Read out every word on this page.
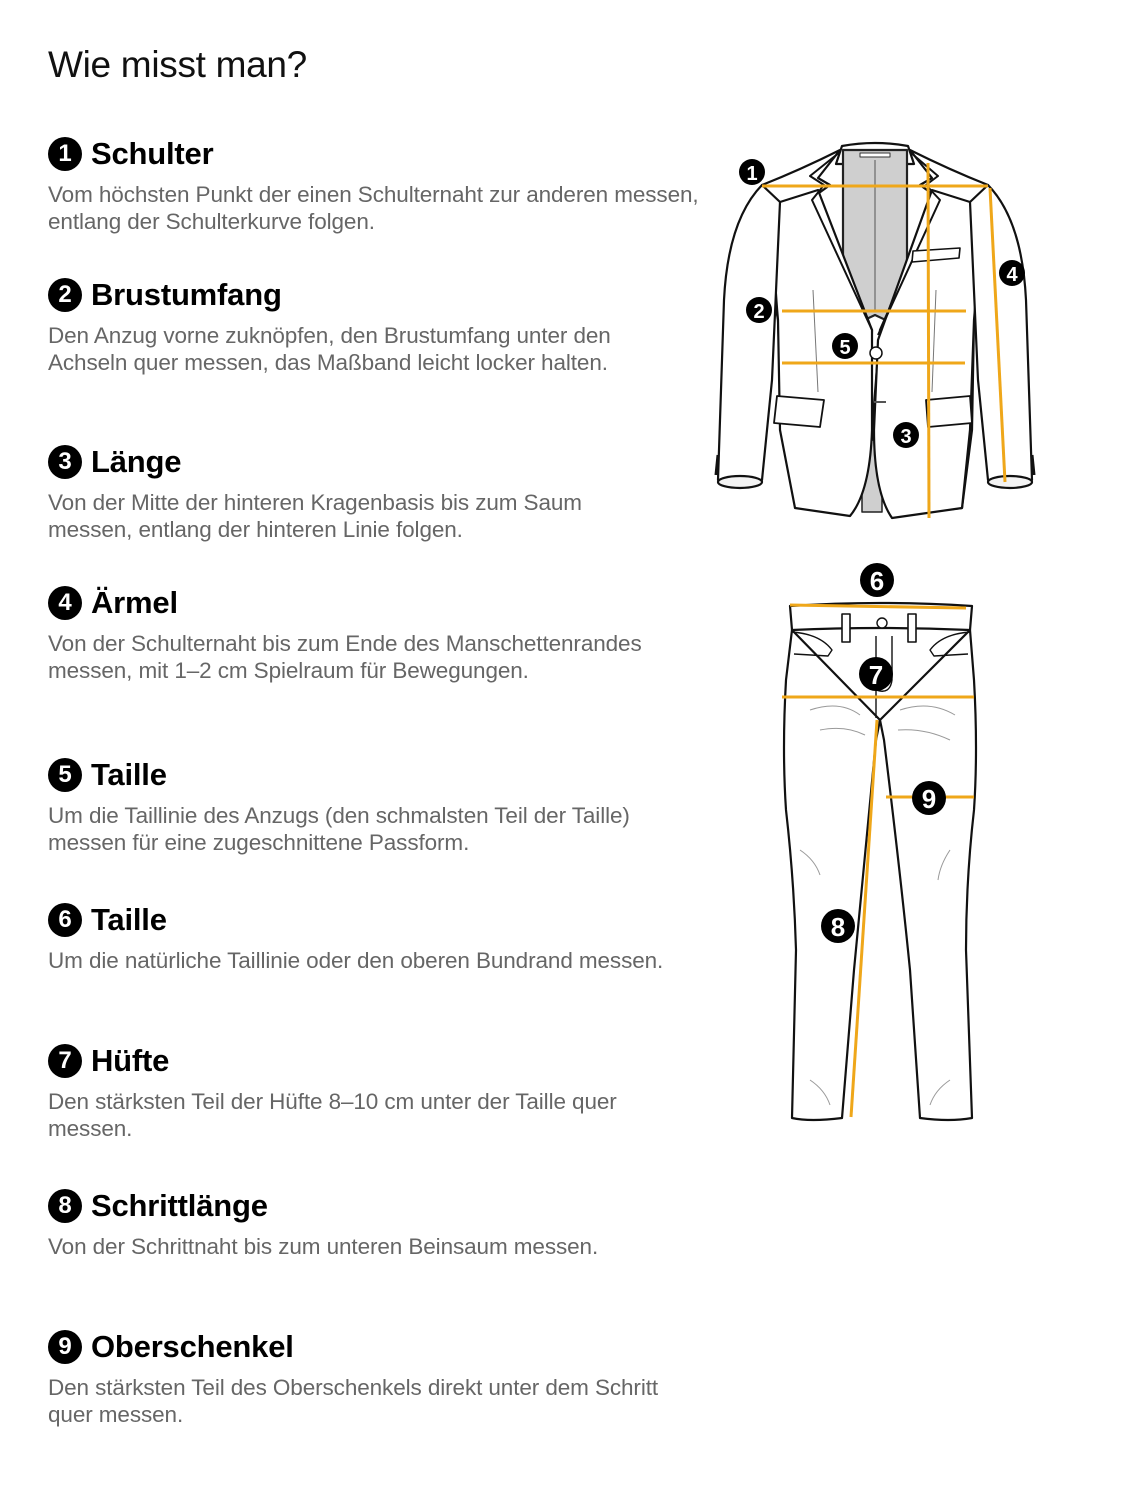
Wie misst man?
1 Schulter
Vom höchsten Punkt der einen Schulternaht zur anderen messen, entlang der Schulterkurve folgen.
2 Brustumfang
Den Anzug vorne zuknöpfen, den Brustumfang unter den Achseln quer messen, das Maßband leicht locker halten.
3 Länge
Von der Mitte der hinteren Kragenbasis bis zum Saum messen, entlang der hinteren Linie folgen.
4 Ärmel
Von der Schulternaht bis zum Ende des Manschettenrandes messen, mit 1–2 cm Spielraum für Bewegungen.
5 Taille
Um die Taillinie des Anzugs (den schmalsten Teil der Taille) messen für eine zugeschnittene Passform.
6 Taille
Um die natürliche Taillinie oder den oberen Bundrand messen.
7 Hüfte
Den stärksten Teil der Hüfte 8–10 cm unter der Taille quer messen.
8 Schrittlänge
Von der Schrittnaht bis zum unteren Beinsaum messen.
9 Oberschenkel
Den stärksten Teil des Oberschenkels direkt unter dem Schritt quer messen.
1
2
3
4
5
6
7
8
9
